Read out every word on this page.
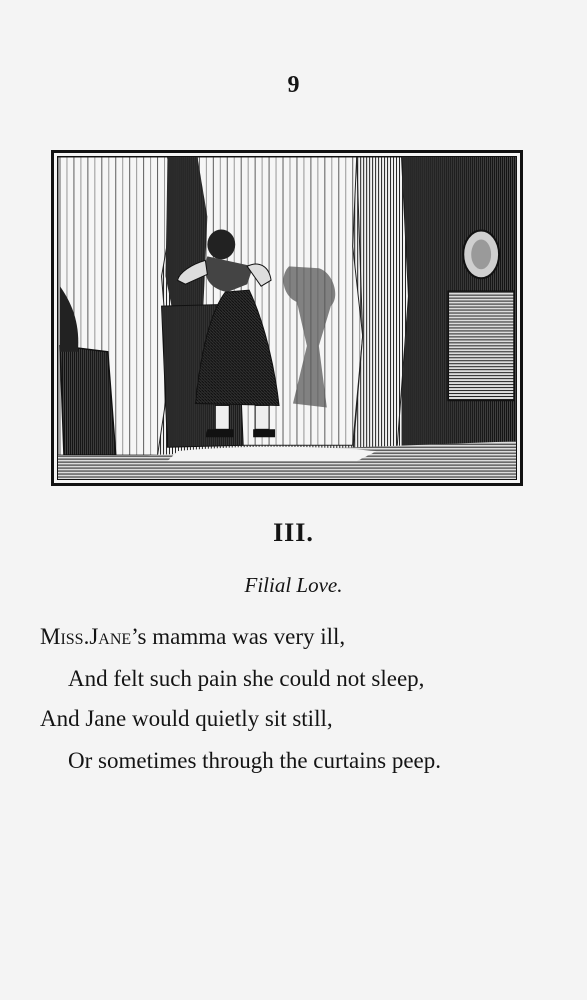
9
III.
Filial Love.
Miss.Jane’s mamma was very ill,
And felt such pain she could not sleep,
And Jane would quietly sit still,
Or sometimes through the curtains peep.
